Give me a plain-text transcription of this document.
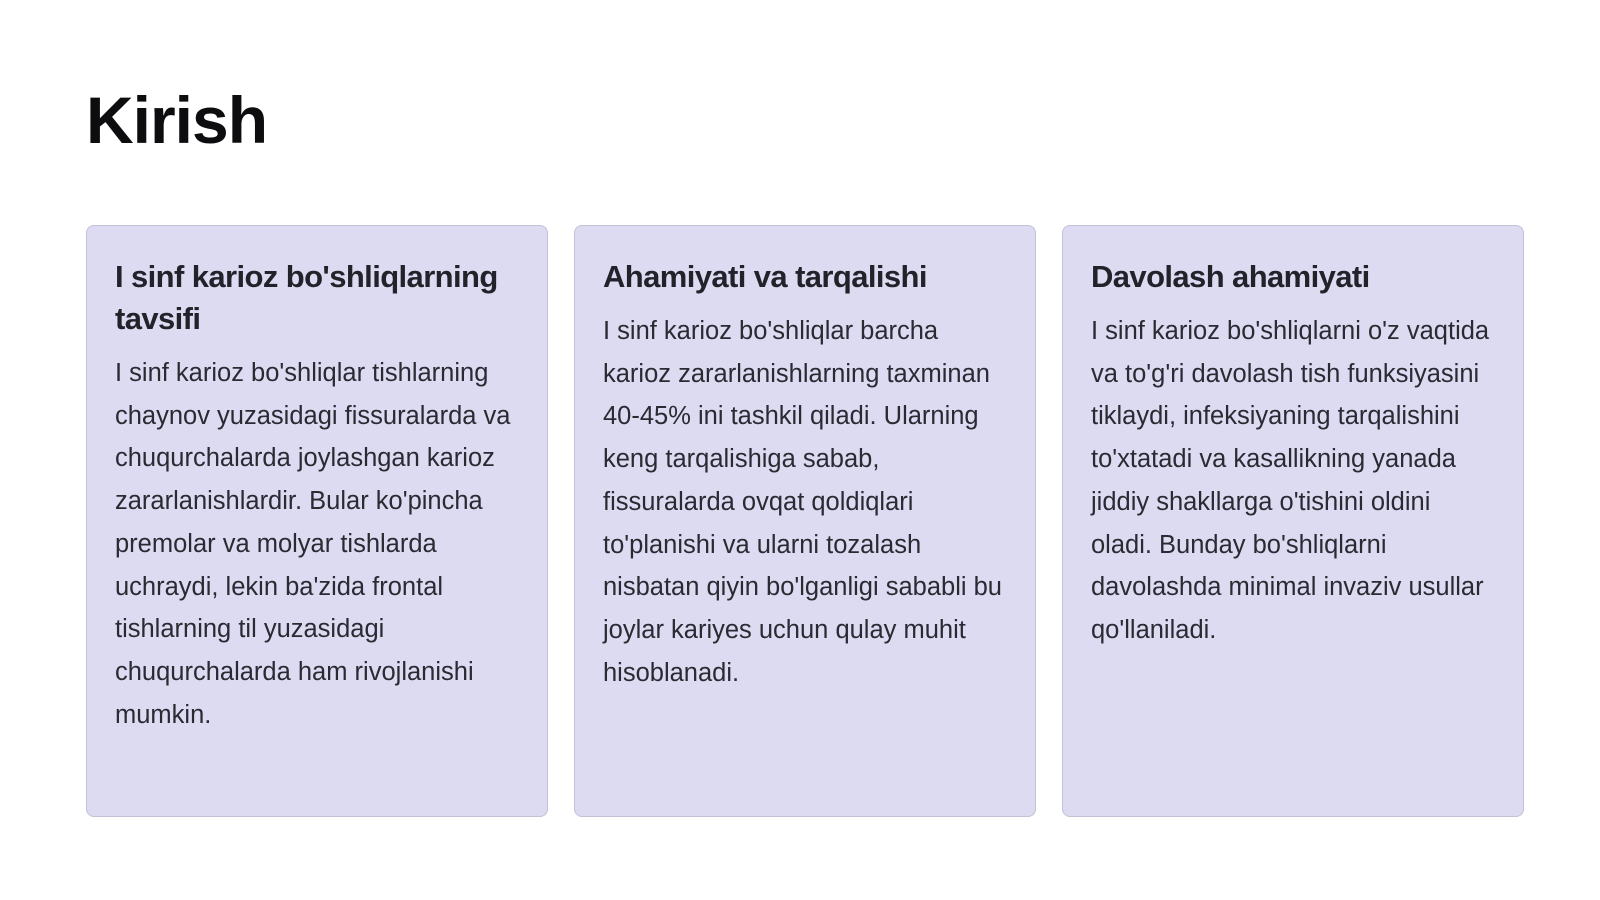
Kirish
I sinf karioz bo'shliqlarning tavsifi

I sinf karioz bo'shliqlar tishlarning chaynov yuzasidagi fissuralarda va chuqurchalarda joylashgan karioz zararlanishlardir. Bular ko'pincha premolar va molyar tishlarda uchraydi, lekin ba'zida frontal tishlarning til yuzasidagi chuqurchalarda ham rivojlanishi mumkin.

Ahamiyati va tarqalishi

I sinf karioz bo'shliqlar barcha karioz zararlanishlarning taxminan 40-45% ini tashkil qiladi. Ularning keng tarqalishiga sabab, fissuralarda ovqat qoldiqlari to'planishi va ularni tozalash nisbatan qiyin bo'lganligi sababli bu joylar kariyes uchun qulay muhit hisoblanadi.

Davolash ahamiyati

I sinf karioz bo'shliqlarni o'z vaqtida va to'g'ri davolash tish funksiyasini tiklaydi, infeksiyaning tarqalishini to'xtatadi va kasallikning yanada jiddiy shakllarga o'tishini oldini oladi. Bunday bo'shliqlarni davolashda minimal invaziv usullar qo'llaniladi.
